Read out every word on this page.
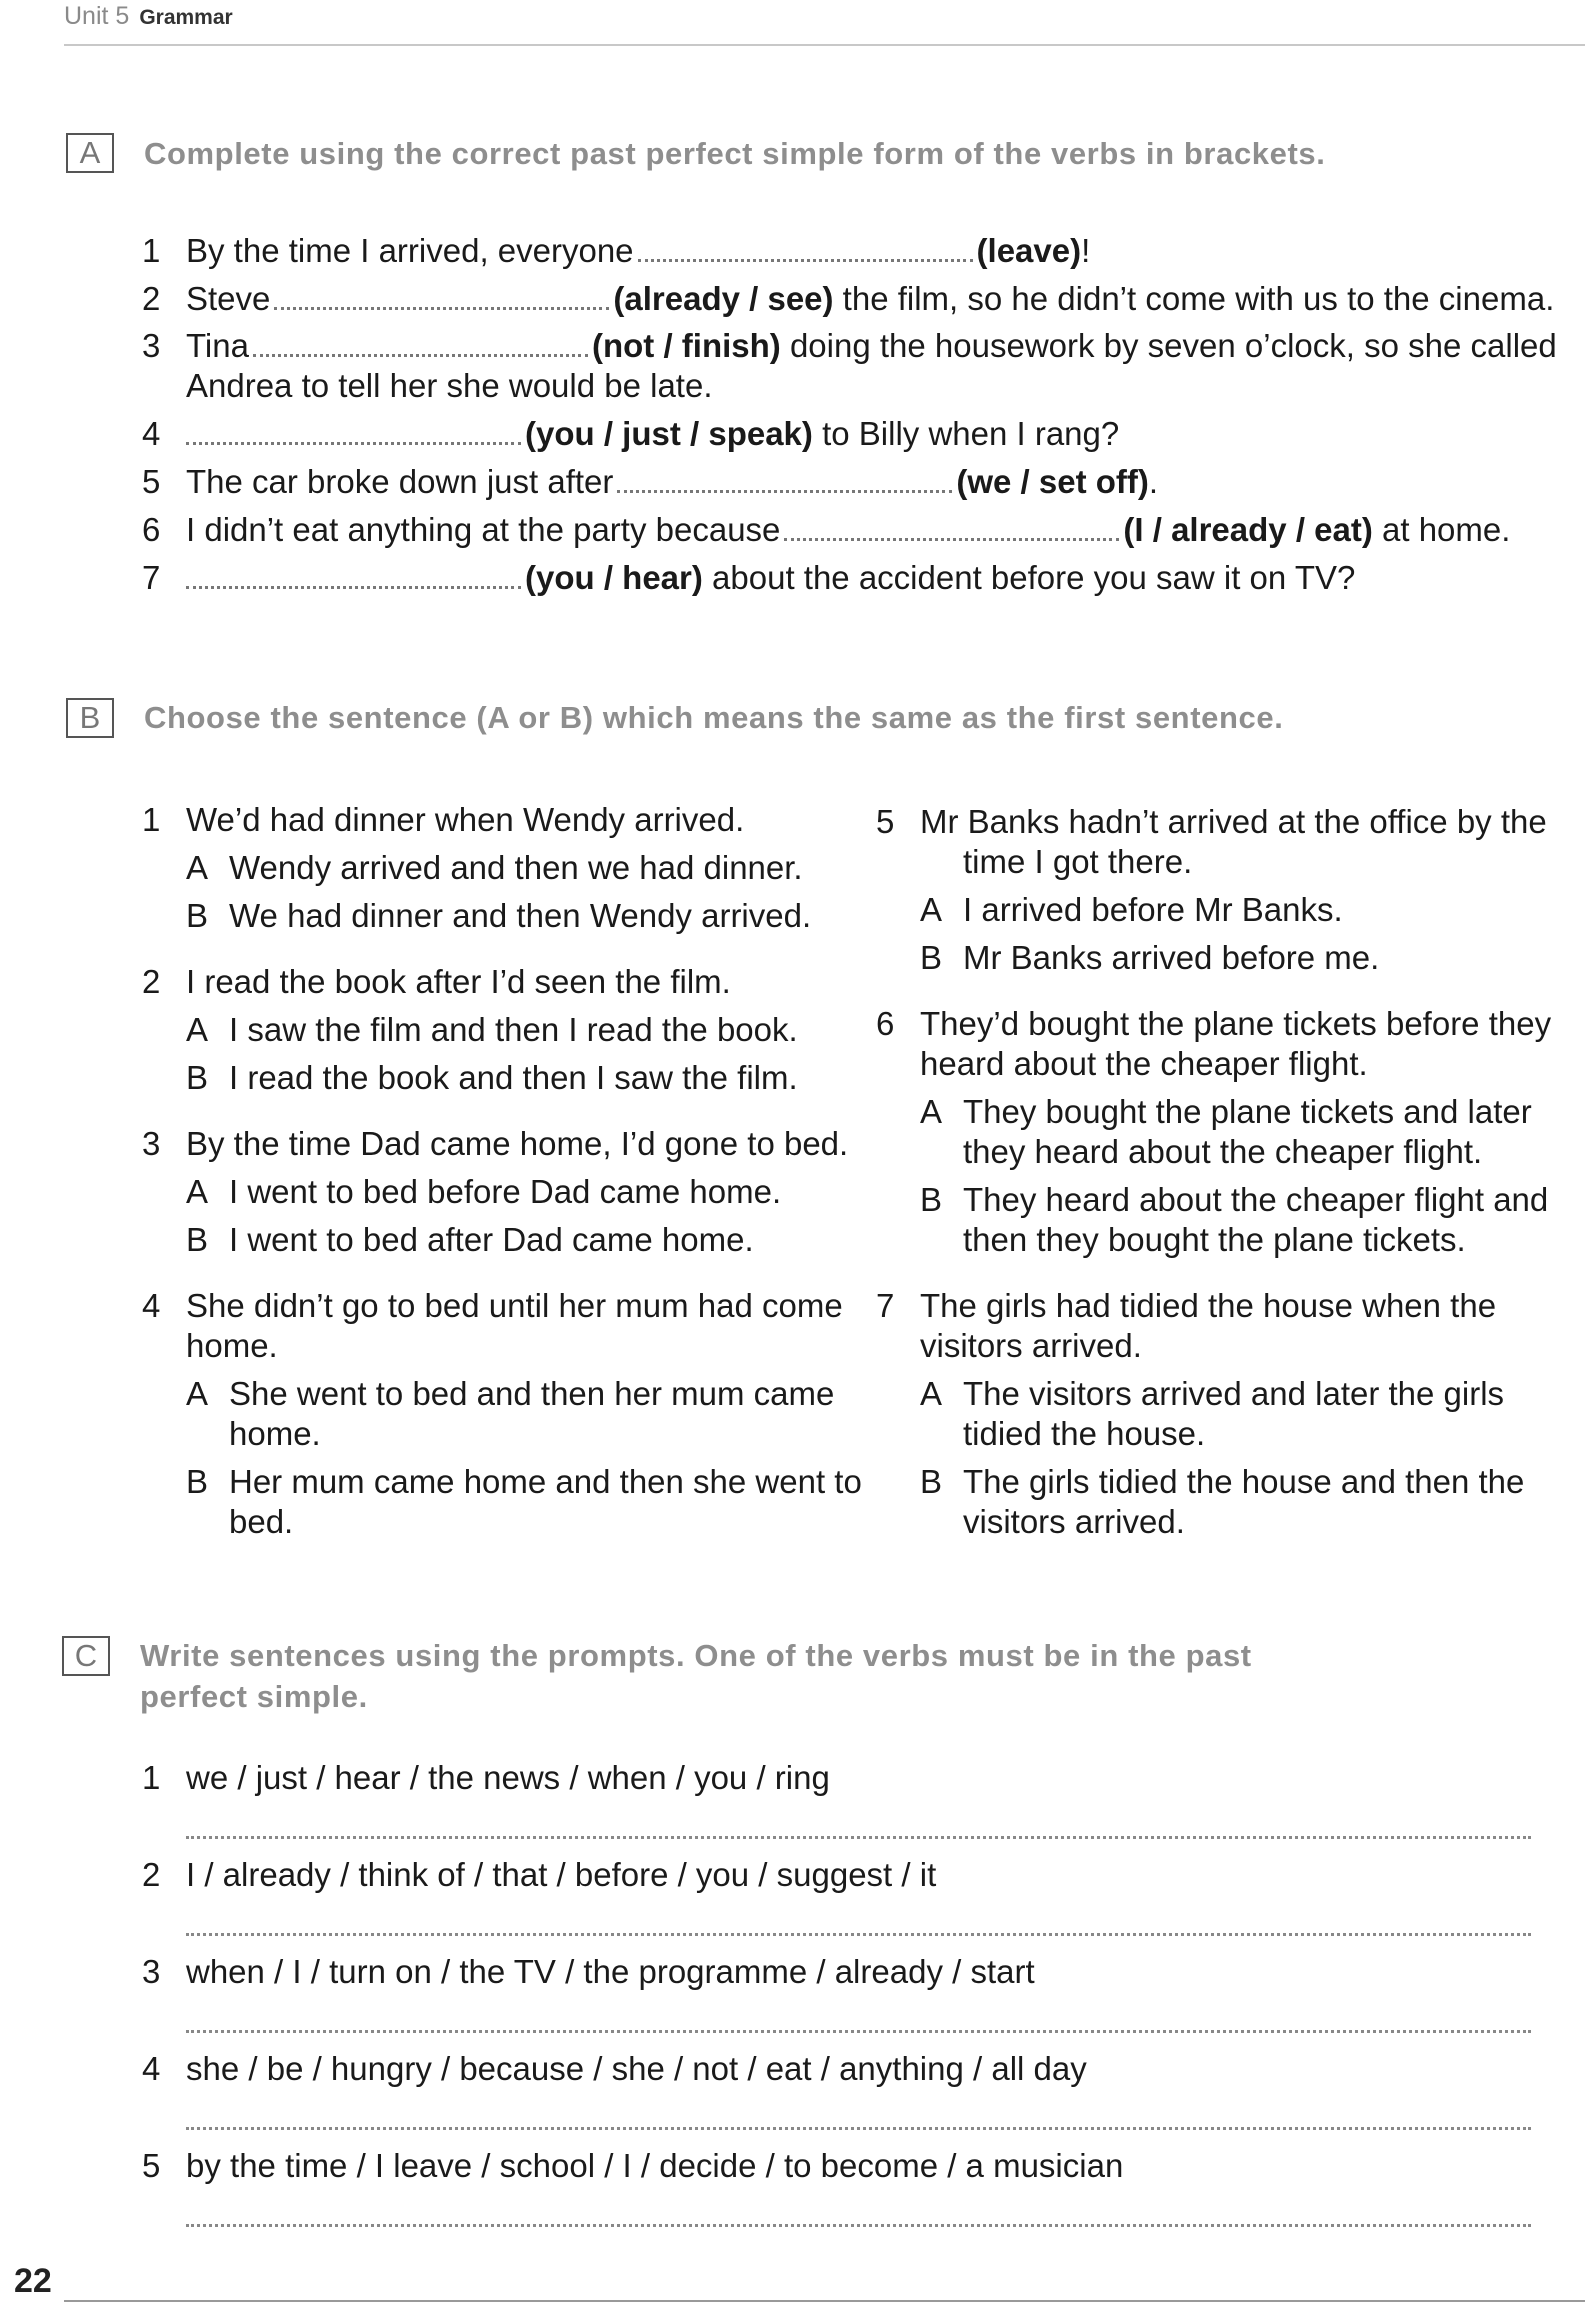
Unit 5 Grammar
A	Complete using the correct past perfect simple form of the verbs in brackets.
1 By the time I arrived, everyone	(leave)!
2 Steve	(already / see) the film, so he didn’t come with us to the cinema.
3 Tina	(not / finish) doing the housework by seven o’clock, so she called
Andrea to tell her she would be late.
4	(you / just / speak) to Billy when I rang?
5 The car broke down just after	(we / set off).
6 I didn’t eat anything at the party because	(I / already / eat) at home.
7	(you / hear) about the accident before you saw it on TV?
B	Choose the sentence (A or B) which means the same as the first sentence.
1 We’d had dinner when Wendy arrived.
A Wendy arrived and then we had dinner.
B We had dinner and then Wendy arrived.
2 I read the book after I’d seen the film.
A I saw the film and then I read the book.
B I read the book and then I saw the film.
3 By the time Dad came home, I’d gone to bed.
A I went to bed before Dad came home.
B I went to bed after Dad came home.
4 She didn’t go to bed until her mum had come
home.
A She went to bed and then her mum came
home.
B Her mum came home and then she went to
bed.
5 Mr Banks hadn’t arrived at the office by the
time I got there.
A I arrived before Mr Banks.
B Mr Banks arrived before me.
6 They’d bought the plane tickets before they
heard about the cheaper flight.
A They bought the plane tickets and later
they heard about the cheaper flight.
B They heard about the cheaper flight and
then they bought the plane tickets.
7 The girls had tidied the house when the
visitors arrived.
A The visitors arrived and later the girls
tidied the house.
B The girls tidied the house and then the
visitors arrived.
C	Write sentences using the prompts. One of the verbs must be in the past
perfect simple.
1 we / just / hear / the news / when / you / ring
2 I / already / think of / that / before / you / suggest / it
3 when / I / turn on / the TV / the programme / already / start
4 she / be / hungry / because / she / not / eat / anything / all day
5 by the time / I leave / school / I / decide / to become / a musician
22
